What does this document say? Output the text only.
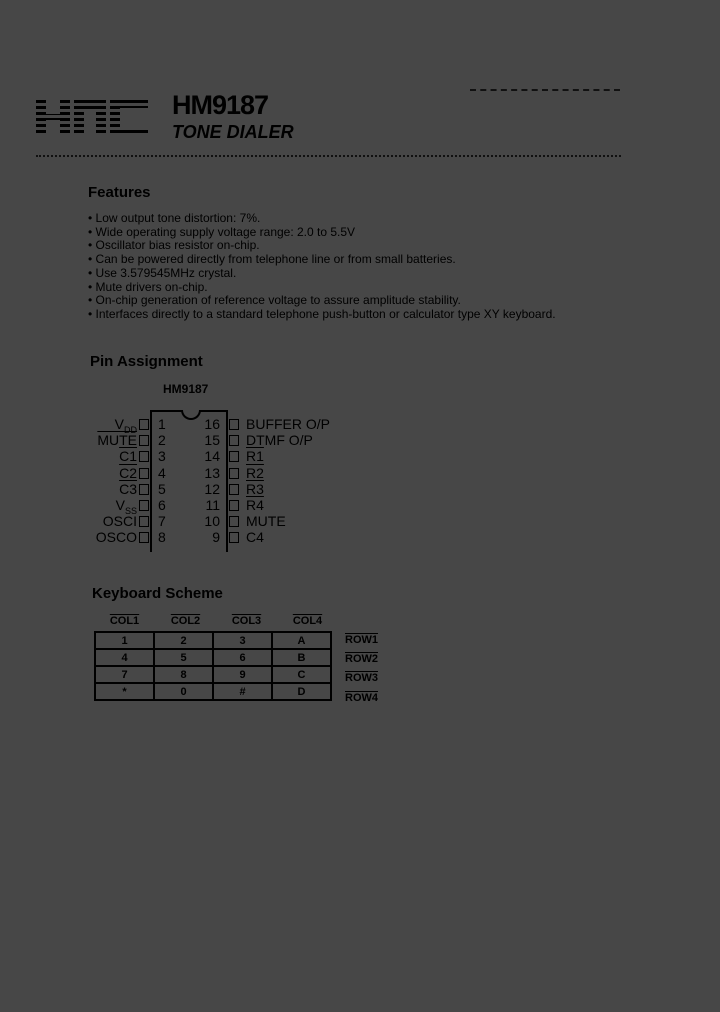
HM9187
TONE DIALER
Features
• Low output tone distortion: 7%.
• Wide operating supply voltage range: 2.0 to 5.5V
• Oscillator bias resistor on-chip.
• Can be powered directly from telephone line or from small batteries.
• Use 3.579545MHz crystal.
• Mute drivers on-chip.
• On-chip generation of reference voltage to assure amplitude stability.
• Interfaces directly to a standard telephone push-button or calculator type XY keyboard.
Pin Assignment
HM9187
$V_{DD}$ 1
MUTE 2
C1 3
C2 4
C3 5
$V_{SS}$ 6
OSCI 7
OSCO 8
16 BUFFER O/P
15 DTMF O/P
14 R1
13 R2
12 R3
11 R4
10 MUTE
9 C4
Keyboard Scheme
COL1	COL2	COL3	COL4
1	2	3	A
4	5	6	B
7	8	9	C
*	0	#	D
ROW1
ROW2
ROW3
ROW4
